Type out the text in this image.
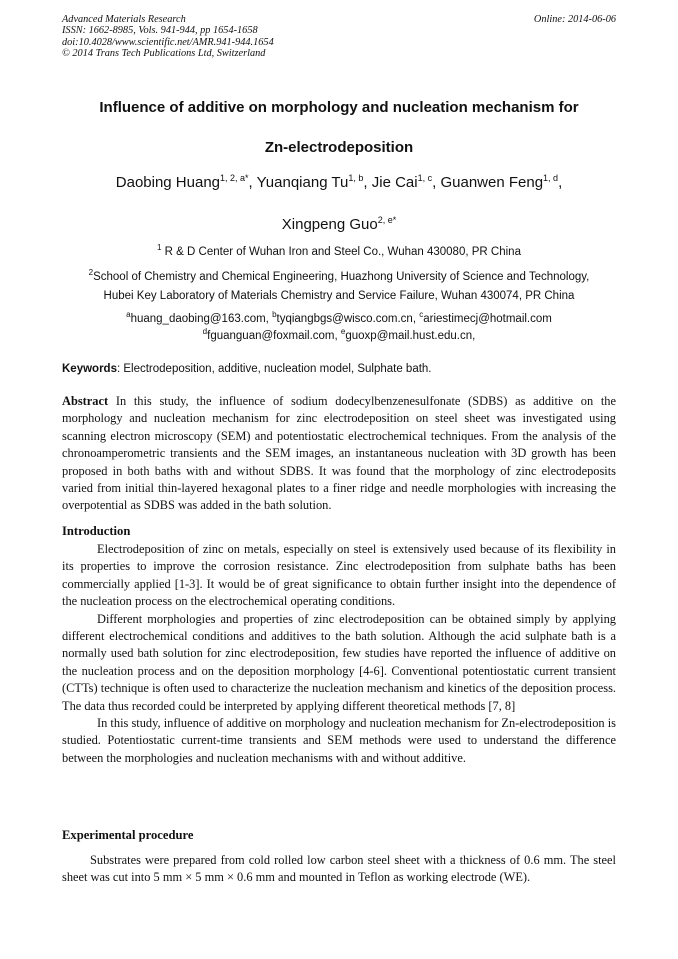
Advanced Materials Research
ISSN: 1662-8985, Vols. 941-944, pp 1654-1658
doi:10.4028/www.scientific.net/AMR.941-944.1654
© 2014 Trans Tech Publications Ltd, Switzerland
Online: 2014-06-06
Influence of additive on morphology and nucleation mechanism for
Zn-electrodeposition
Daobing Huang$^{1, 2, a*}$, Yuanqiang Tu$^{1, b}$, Jie Cai$^{1, c}$, Guanwen Feng$^{1, d}$,
Xingpeng Guo$^{2, e*}$
$^1$ R & D Center of Wuhan Iron and Steel Co., Wuhan 430080, PR China
$^2$School of Chemistry and Chemical Engineering, Huazhong University of Science and Technology,
Hubei Key Laboratory of Materials Chemistry and Service Failure, Wuhan 430074, PR China
$^a$huang_daobing@163.com, $^b$tyqiangbgs@wisco.com.cn, $^c$ariestimecj@hotmail.com
$^d$fguanguan@foxmail.com, $^e$guoxp@mail.hust.edu.cn,
Keywords: Electrodeposition, additive, nucleation model, Sulphate bath.

Abstract In this study, the influence of sodium dodecylbenzenesulfonate (SDBS) as additive on the morphology and nucleation mechanism for zinc electrodeposition on steel sheet was investigated using scanning electron microscopy (SEM) and potentiostatic electrochemical techniques. From the analysis of the chronoamperometric transients and the SEM images, an instantaneous nucleation with 3D growth has been proposed in both baths with and without SDBS. It was found that the morphology of zinc electrodeposits varied from initial thin-layered hexagonal plates to a finer ridge and needle morphologies with increasing the overpotential as SDBS was added in the bath solution.

Introduction

Electrodeposition of zinc on metals, especially on steel is extensively used because of its flexibility in its properties to improve the corrosion resistance. Zinc electrodeposition from sulphate baths has been commercially applied [1-3]. It would be of great significance to obtain further insight into the dependence of the nucleation process on the electrochemical operating conditions.

Different morphologies and properties of zinc electrodeposition can be obtained simply by applying different electrochemical conditions and additives to the bath solution. Although the acid sulphate bath is a normally used bath solution for zinc electrodeposition, few studies have reported the influence of additive on the nucleation process and on the deposition morphology [4-6]. Conventional potentiostatic current transient (CTTs) technique is often used to characterize the nucleation mechanism and kinetics of the deposition process. The data thus recorded could be interpreted by applying different theoretical methods [7, 8]

In this study, influence of additive on morphology and nucleation mechanism for Zn-electrodeposition is studied. Potentiostatic current-time transients and SEM methods were used to understand the difference between the morphologies and nucleation mechanisms with and without additive.

Experimental procedure

Substrates were prepared from cold rolled low carbon steel sheet with a thickness of 0.6 mm. The steel sheet was cut into 5 mm × 5 mm × 0.6 mm and mounted in Teflon as working electrode (WE).
